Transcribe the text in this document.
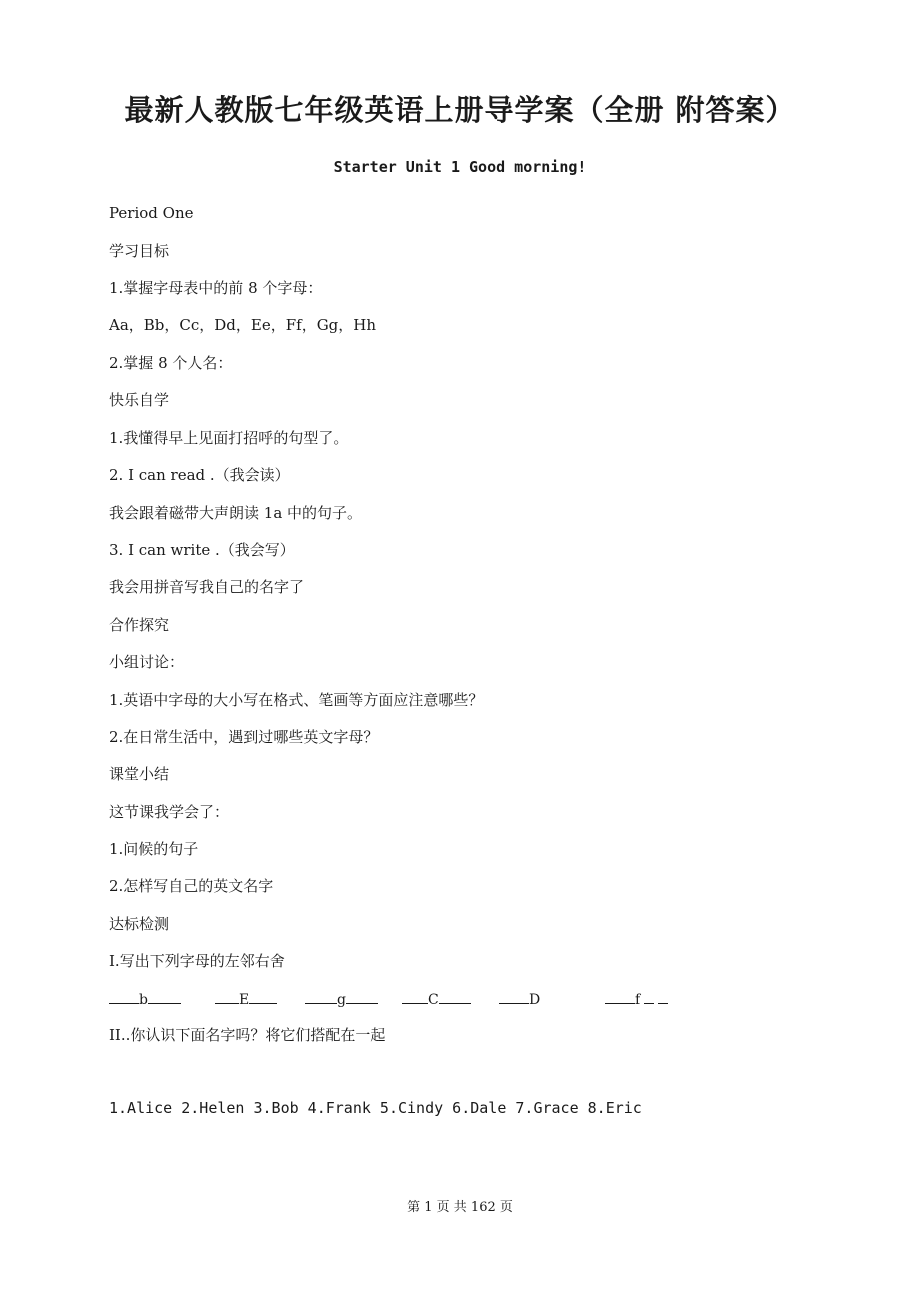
最新人教版七年级英语上册导学案（全册 附答案）
Starter Unit 1 Good morning!
Period One
学习目标
1.掌握字母表中的前 8 个字母：
Aa，Bb，Cc，Dd，Ee，Ff，Gg，Hh
2.掌握 8 个人名：
快乐自学
1.我懂得早上见面打招呼的句型了。
2. I can read .（我会读）
我会跟着磁带大声朗读 1a 中的句子。
3. I can write .（我会写）
我会用拼音写我自己的名字了
合作探究
小组讨论：
1.英语中字母的大小写在格式、笔画等方面应注意哪些？
2.在日常生活中，遇到过哪些英文字母？
课堂小结
这节课我学会了：
1.问候的句子
2.怎样写自己的英文名字
达标检测
I.写出下列字母的左邻右舍
b	E	g	C	D	f
II..你认识下面名字吗？将它们搭配在一起
1.Alice 2.Helen 3.Bob 4.Frank 5.Cindy 6.Dale 7.Grace 8.Eric
第 1 页 共 162 页
